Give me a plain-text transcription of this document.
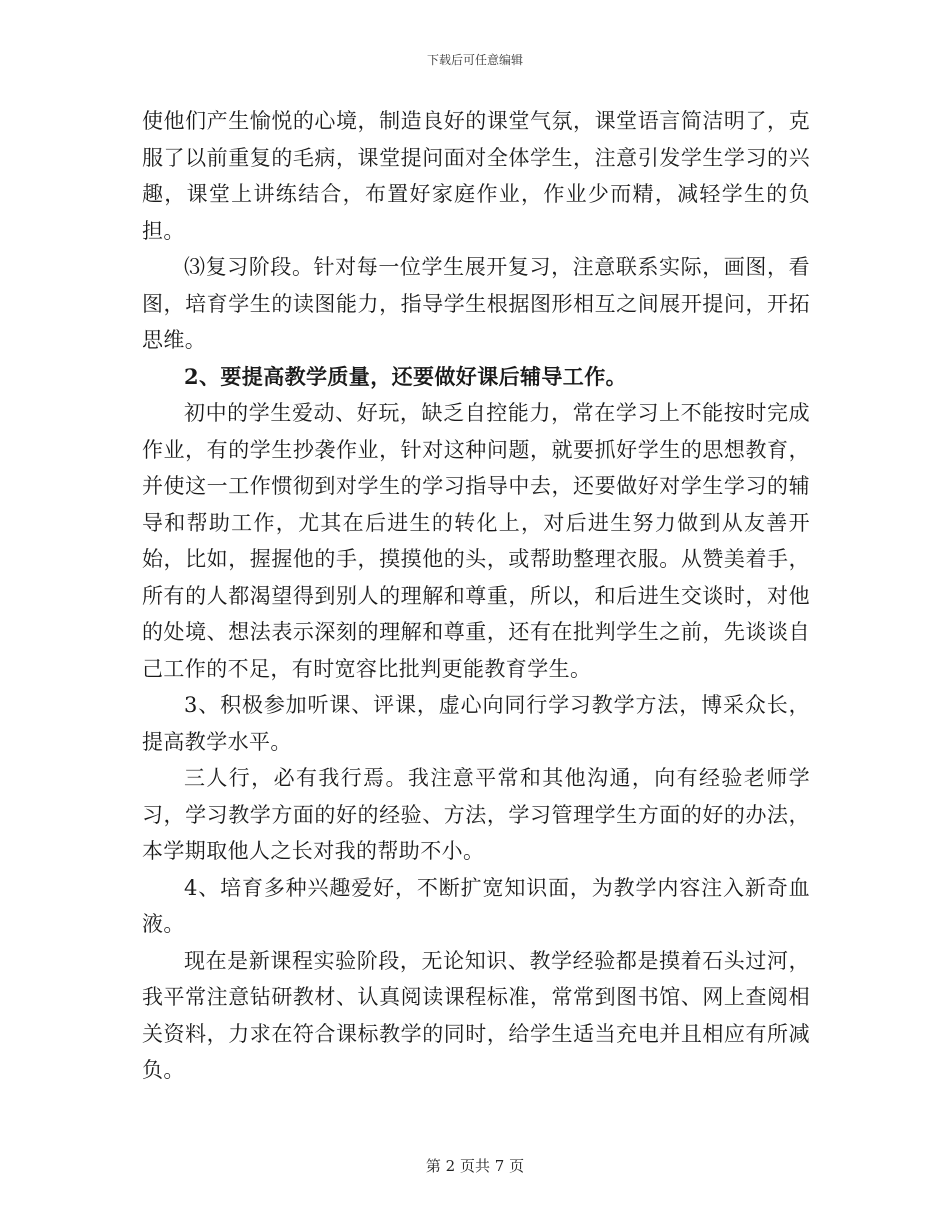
下载后可任意编辑

使他们产生愉悦的心境，制造良好的课堂气氛，课堂语言简洁明了，克服了以前重复的毛病，课堂提问面对全体学生，注意引发学生学习的兴趣，课堂上讲练结合，布置好家庭作业，作业少而精，减轻学生的负担。

⑶复习阶段。针对每一位学生展开复习，注意联系实际，画图，看图，培育学生的读图能力，指导学生根据图形相互之间展开提问，开拓思维。

2、要提高教学质量，还要做好课后辅导工作。

初中的学生爱动、好玩，缺乏自控能力，常在学习上不能按时完成作业，有的学生抄袭作业，针对这种问题，就要抓好学生的思想教育，并使这一工作惯彻到对学生的学习指导中去，还要做好对学生学习的辅导和帮助工作，尤其在后进生的转化上，对后进生努力做到从友善开始，比如，握握他的手，摸摸他的头，或帮助整理衣服。从赞美着手，所有的人都渴望得到别人的理解和尊重，所以，和后进生交谈时，对他的处境、想法表示深刻的理解和尊重，还有在批判学生之前，先谈谈自己工作的不足，有时宽容比批判更能教育学生。

3、积极参加听课、评课，虚心向同行学习教学方法，博采众长，提高教学水平。

三人行，必有我行焉。我注意平常和其他沟通，向有经验老师学习，学习教学方面的好的经验、方法，学习管理学生方面的好的办法，本学期取他人之长对我的帮助不小。

4、培育多种兴趣爱好，不断扩宽知识面，为教学内容注入新奇血液。

现在是新课程实验阶段，无论知识、教学经验都是摸着石头过河，我平常注意钻研教材、认真阅读课程标准，常常到图书馆、网上查阅相关资料，力求在符合课标教学的同时，给学生适当充电并且相应有所减负。

第 2 页共 7 页
